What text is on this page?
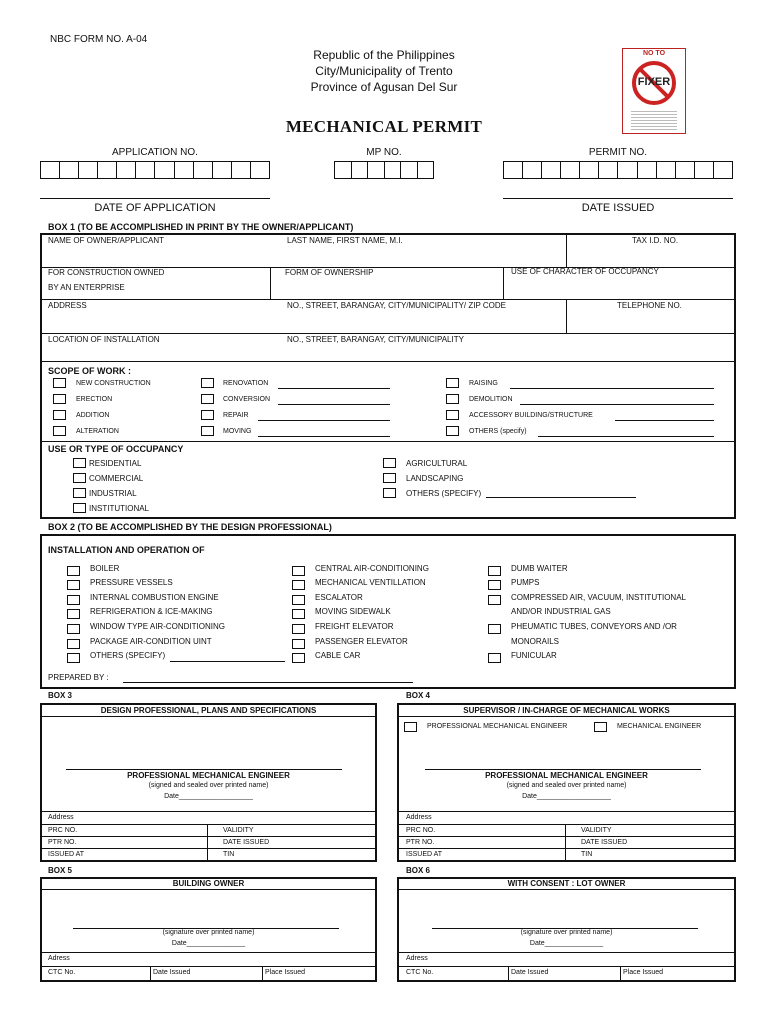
NBC FORM NO. A-04
Republic of the Philippines
City/Municipality of Trento
Province of Agusan Del Sur
MECHANICAL PERMIT
NO TO
FIXER
APPLICATION NO.	MP NO.	PERMIT NO.
DATE OF APPLICATION	DATE ISSUED
BOX 1 (TO BE ACCOMPLISHED IN PRINT BY THE OWNER/APPLICANT)
NAME OF OWNER/APPLICANT	LAST NAME, FIRST NAME, M.I.	TAX I.D. NO.
FOR CONSTRUCTION OWNED
BY AN ENTERPRISE
FORM OF OWNERSHIP	USE OF CHARACTER OF OCCUPANCY
ADDRESS	NO., STREET, BARANGAY, CITY/MUNICIPALITY/ ZIP CODE	TELEPHONE NO.
LOCATION OF INSTALLATION	NO., STREET, BARANGAY, CITY/MUNICIPALITY
SCOPE OF WORK :
NEW CONSTRUCTION
ERECTION
ADDITION
ALTERATION
RENOVATION
CONVERSION
REPAIR
MOVING
RAISING
DEMOLITION
ACCESSORY BUILDING/STRUCTURE
OTHERS (specify)
USE OR TYPE OF OCCUPANCY
RESIDENTIAL
COMMERCIAL
INDUSTRIAL
INSTITUTIONAL
AGRICULTURAL
LANDSCAPING
OTHERS (SPECIFY)
BOX 2 (TO BE ACCOMPLISHED BY THE DESIGN PROFESSIONAL)
INSTALLATION AND OPERATION OF
BOILER
PRESSURE VESSELS
INTERNAL COMBUSTION ENGINE
REFRIGERATION & ICE-MAKING
WINDOW TYPE AIR-CONDITIONING
PACKAGE AIR-CONDITION UINT
OTHERS (SPECIFY)
CENTRAL AIR-CONDITIONING
MECHANICAL VENTILLATION
ESCALATOR
MOVING SIDEWALK
FREIGHT ELEVATOR
PASSENGER ELEVATOR
CABLE CAR
DUMB WAITER
PUMPS
COMPRESSED AIR, VACUUM, INSTITUTIONAL
AND/OR INDUSTRIAL GAS
PHEUMATIC TUBES, CONVEYORS AND /OR
MONORAILS
FUNICULAR
PREPARED BY :
BOX 3
DESIGN PROFESSIONAL, PLANS AND SPECIFICATIONS
PROFESSIONAL MECHANICAL ENGINEER
(signed and sealed over printed name)
Date___________________
Address
PRC NO.	VALIDITY
PTR NO.	DATE ISSUED
ISSUED AT	TIN
BOX 4
SUPERVISOR / IN-CHARGE OF MECHANICAL WORKS
PROFESSIONAL MECHANICAL ENGINEER	MECHANICAL ENGINEER
PROFESSIONAL MECHANICAL ENGINEER
(signed and sealed over printed name)
Date___________________
Address
PRC NO.	VALIDITY
PTR NO.	DATE ISSUED
ISSUED AT	TIN
BOX 5
BUILDING OWNER
(signature over printed name)
Date_______________
Adress
CTC No.	Date Issued	Place Issued
BOX 6
WITH CONSENT : LOT OWNER
(signature over printed name)
Date_______________
Adress
CTC No.	Date Issued	Place Issued
